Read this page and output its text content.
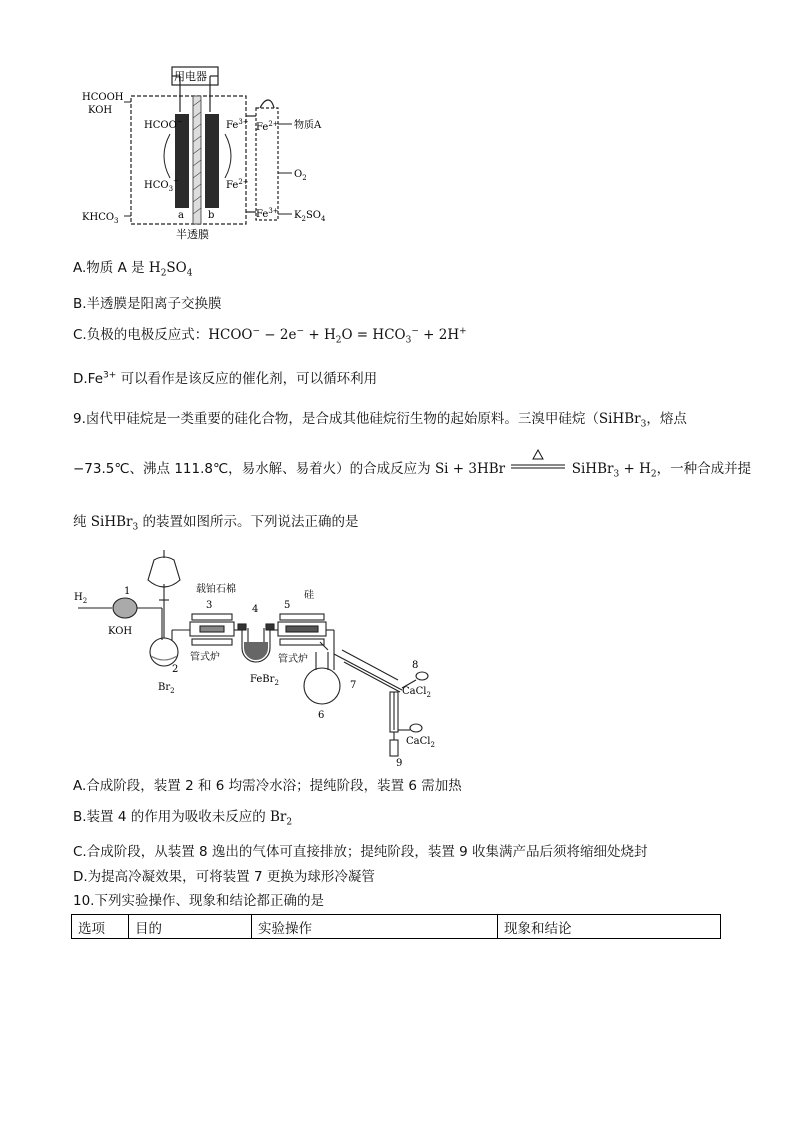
用电器
HCOOH
KOH
$KHCO_3$
HCOO−
$HCO_3^-$
$Fe^{3+}$
$Fe^{2+}$
a b
半透膜
$Fe^{2+}$ 物质A
$O_2$
$Fe^{3+}$ $K_2SO_4$
A.物质 A 是 $H_2SO_4$
B.半透膜是阳离子交换膜
C.负极的电极反应式：HCOO− − $2e^- + H_2O = HCO_3^- + 2H^+$
$D.Fe^{3+}$ 可以看作是该反应的催化剂，可以循环利用
9.卤代甲硅烷是一类重要的硅化合物，是合成其他硅烷衍生物的起始原料。三溴甲硅烷（SiHBr$_3$，熔点
−73.5℃、沸点 111.8℃，易水解、易着火）的合成反应为 Si + 3HBr	SiHBr$_3$ + $H_2$，一种合成并提
纯 SiHBr$_3$ 的装置如图所示。下列说法正确的是
$H_2$
1
KOH
2
$Br_2$
载铂石棉
3
管式炉
4
FeBr$_2$
5
硅
管式炉
6
7
8
CaCl$_2$
CaCl$_2$
9
A.合成阶段，装置 2 和 6 均需冷水浴；提纯阶段，装置 6 需加热
B.装置 4 的作用为吸收未反应的 $Br_2$
C.合成阶段，从装置 8 逸出的气体可直接排放；提纯阶段，装置 9 收集满产品后须将缩细处烧封
D.为提高冷凝效果，可将装置 7 更换为球形冷凝管
10.下列实验操作、现象和结论都正确的是
选项	目的	实验操作	现象和结论
